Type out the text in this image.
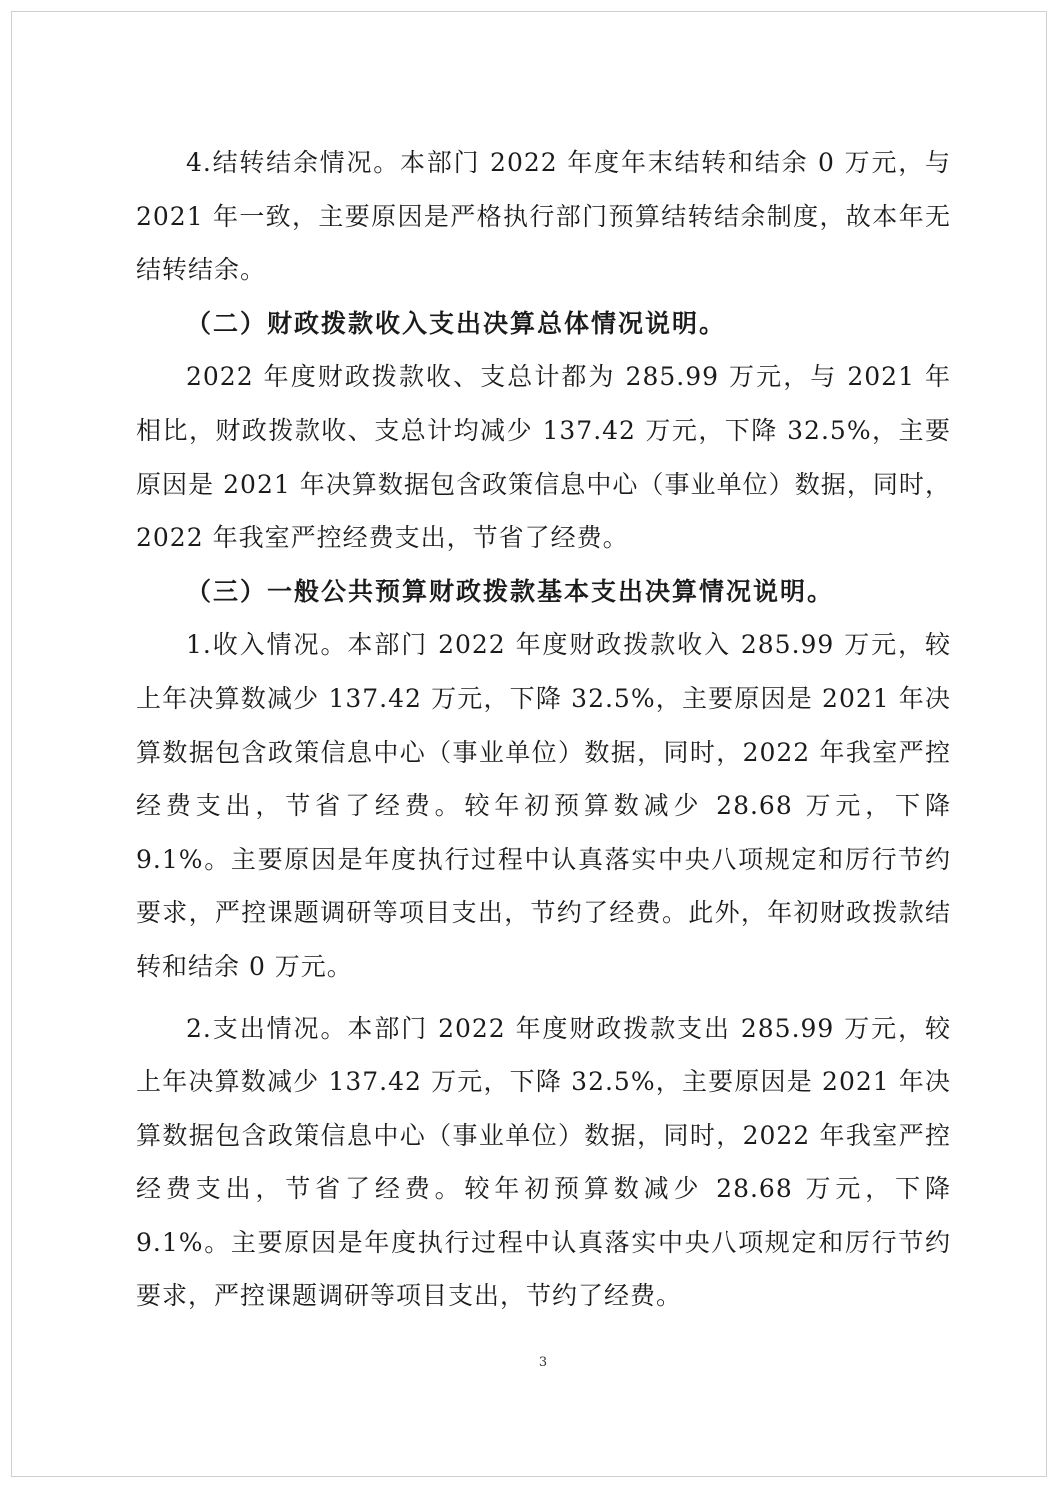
4.结转结余情况。本部门 2022 年度年末结转和结余 0 万元，与 2021 年一致，主要原因是严格执行部门预算结转结余制度，故本年无结转结余。

（二）财政拨款收入支出决算总体情况说明。

2022 年度财政拨款收、支总计都为 285.99 万元，与 2021 年相比，财政拨款收、支总计均减少 137.42 万元，下降 32.5%，主要原因是 2021 年决算数据包含政策信息中心（事业单位）数据，同时，2022 年我室严控经费支出，节省了经费。

（三）一般公共预算财政拨款基本支出决算情况说明。

1.收入情况。本部门 2022 年度财政拨款收入 285.99 万元，较上年决算数减少 137.42 万元，下降 32.5%，主要原因是 2021 年决算数据包含政策信息中心（事业单位）数据，同时，2022 年我室严控经费支出，节省了经费。较年初预算数减少 28.68 万元，下降 9.1%。主要原因是年度执行过程中认真落实中央八项规定和厉行节约要求，严控课题调研等项目支出，节约了经费。此外，年初财政拨款结转和结余 0 万元。

2.支出情况。本部门 2022 年度财政拨款支出 285.99 万元，较上年决算数减少 137.42 万元，下降 32.5%，主要原因是 2021 年决算数据包含政策信息中心（事业单位）数据，同时，2022 年我室严控经费支出，节省了经费。较年初预算数减少 28.68 万元，下降 9.1%。主要原因是年度执行过程中认真落实中央八项规定和厉行节约要求，严控课题调研等项目支出，节约了经费。

3
